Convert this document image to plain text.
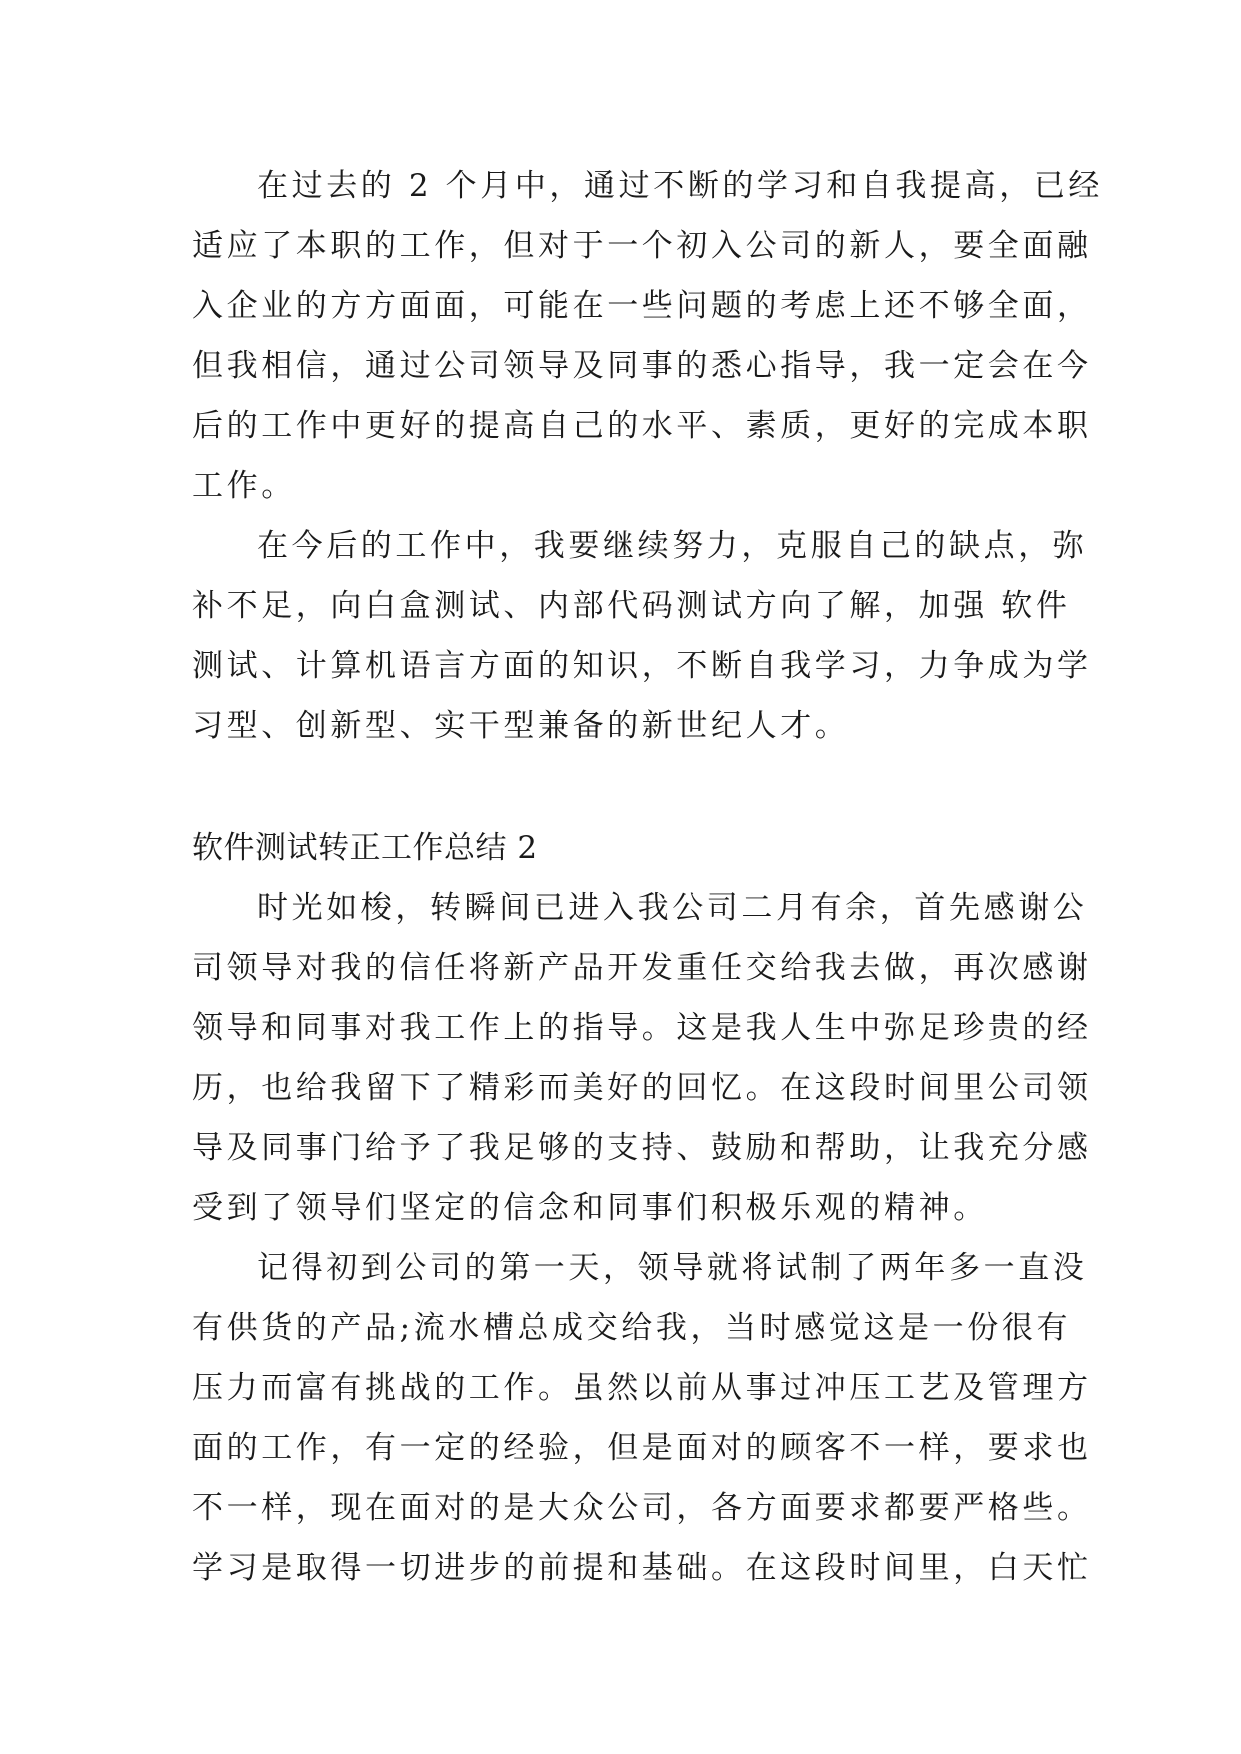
在过去的 2 个月中，通过不断的学习和自我提高，已经
适应了本职的工作，但对于一个初入公司的新人，要全面融
入企业的方方面面，可能在一些问题的考虑上还不够全面，
但我相信，通过公司领导及同事的悉心指导，我一定会在今
后的工作中更好的提高自己的水平、素质，更好的完成本职
工作。
在今后的工作中，我要继续努力，克服自己的缺点，弥
补不足，向白盒测试、内部代码测试方向了解，加强 软件
测试、计算机语言方面的知识，不断自我学习，力争成为学
习型、创新型、实干型兼备的新世纪人才。
软件测试转正工作总结 2
时光如梭，转瞬间已进入我公司二月有余，首先感谢公
司领导对我的信任将新产品开发重任交给我去做，再次感谢
领导和同事对我工作上的指导。这是我人生中弥足珍贵的经
历，也给我留下了精彩而美好的回忆。在这段时间里公司领
导及同事门给予了我足够的支持、鼓励和帮助，让我充分感
受到了领导们坚定的信念和同事们积极乐观的精神。
记得初到公司的第一天，领导就将试制了两年多一直没
有供货的产品;流水槽总成交给我，当时感觉这是一份很有
压力而富有挑战的工作。虽然以前从事过冲压工艺及管理方
面的工作，有一定的经验，但是面对的顾客不一样，要求也
不一样，现在面对的是大众公司，各方面要求都要严格些。
学习是取得一切进步的前提和基础。在这段时间里，白天忙
